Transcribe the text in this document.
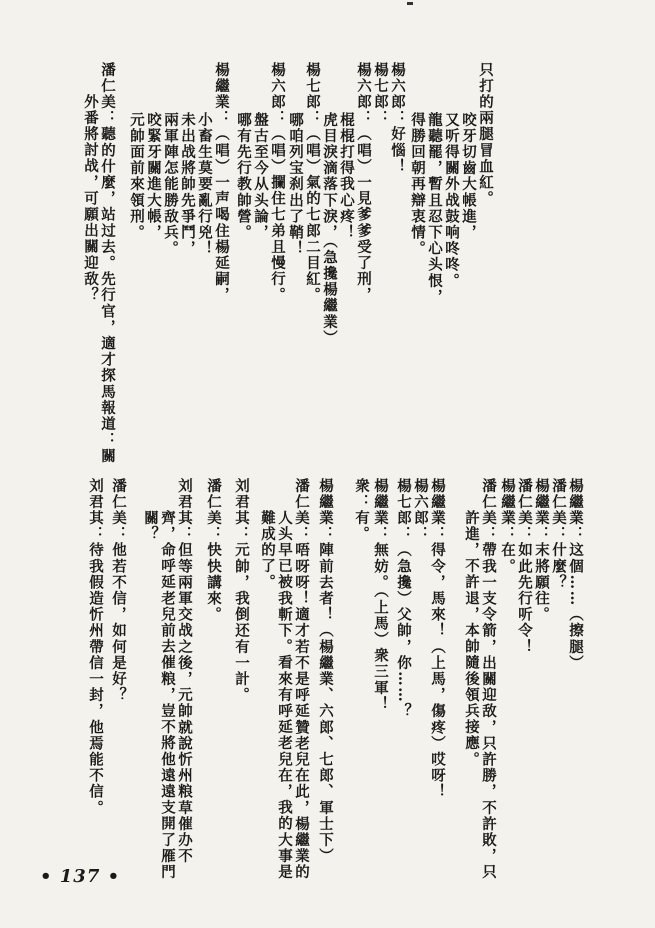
只打的兩腿冒血紅。
咬牙切齒大帳進，
又听得關外战鼓响咚咚。
龍聽罷，暫且忍下心头恨，
得勝回朝再辯衷情。
楊六郎：好惱！
楊七郎：
楊六郎：（唱）一見爹爹受了刑，
棍棍打得我心疼！
虎目淚滴落下淚，（急攙楊繼業）
楊七郎：（唱）氣的七郎二目紅。
哪咱列宝刹出了鞘！
楊六郎：（唱）攔住七弟且慢行。
盤古至今从头論，
哪有先行教帥營。
楊繼業：（唱）一声喝住楊延嗣，
小畜生莫要亂行兇！
未出战將帥先爭鬥，
兩軍陣怎能勝敌兵。
咬緊牙關進大帳，
元帥面前來領刑。
潘仁美：聽的什麼，站过去。先行官，適才探馬報道：關
外番將討战，可願出關迎敌？
楊繼業：这個……（擦腿）
潘仁美：什麼？
楊繼業：末將願往。
潘仁美：如此先行听令！
楊繼業：在。
潘仁美：帶我一支令箭，出關迎敌，只許勝，不許敗，只
許進，不許退，本帥隨後領兵接應。
楊繼業：得令，馬來！（上馬，傷疼）哎呀！
楊六郎：
楊七郎：（急攙）父帥，你……？
楊繼業：無妨。（上馬）衆三軍！
衆：有。
楊繼業：陣前去者！（楊繼業、六郎、七郎、軍士下）
潘仁美：唔呀呀！適才若不是呼延贊老兒在此，楊繼業的
人头早已被我斬下。看來有呼延老兒在，我的大事是
難成的了。
刘君其：元帥，我倒还有一計。
潘仁美：快快講來。
刘君其：但等兩軍交战之後，元帥就說忻州粮草催办不
齊，命呼延老兒前去催粮，豈不將他遠遠支開了雁門
關？
潘仁美：他若不信，如何是好？
刘君其：待我假造忻州帶信一封，他焉能不信。
• 137 •
